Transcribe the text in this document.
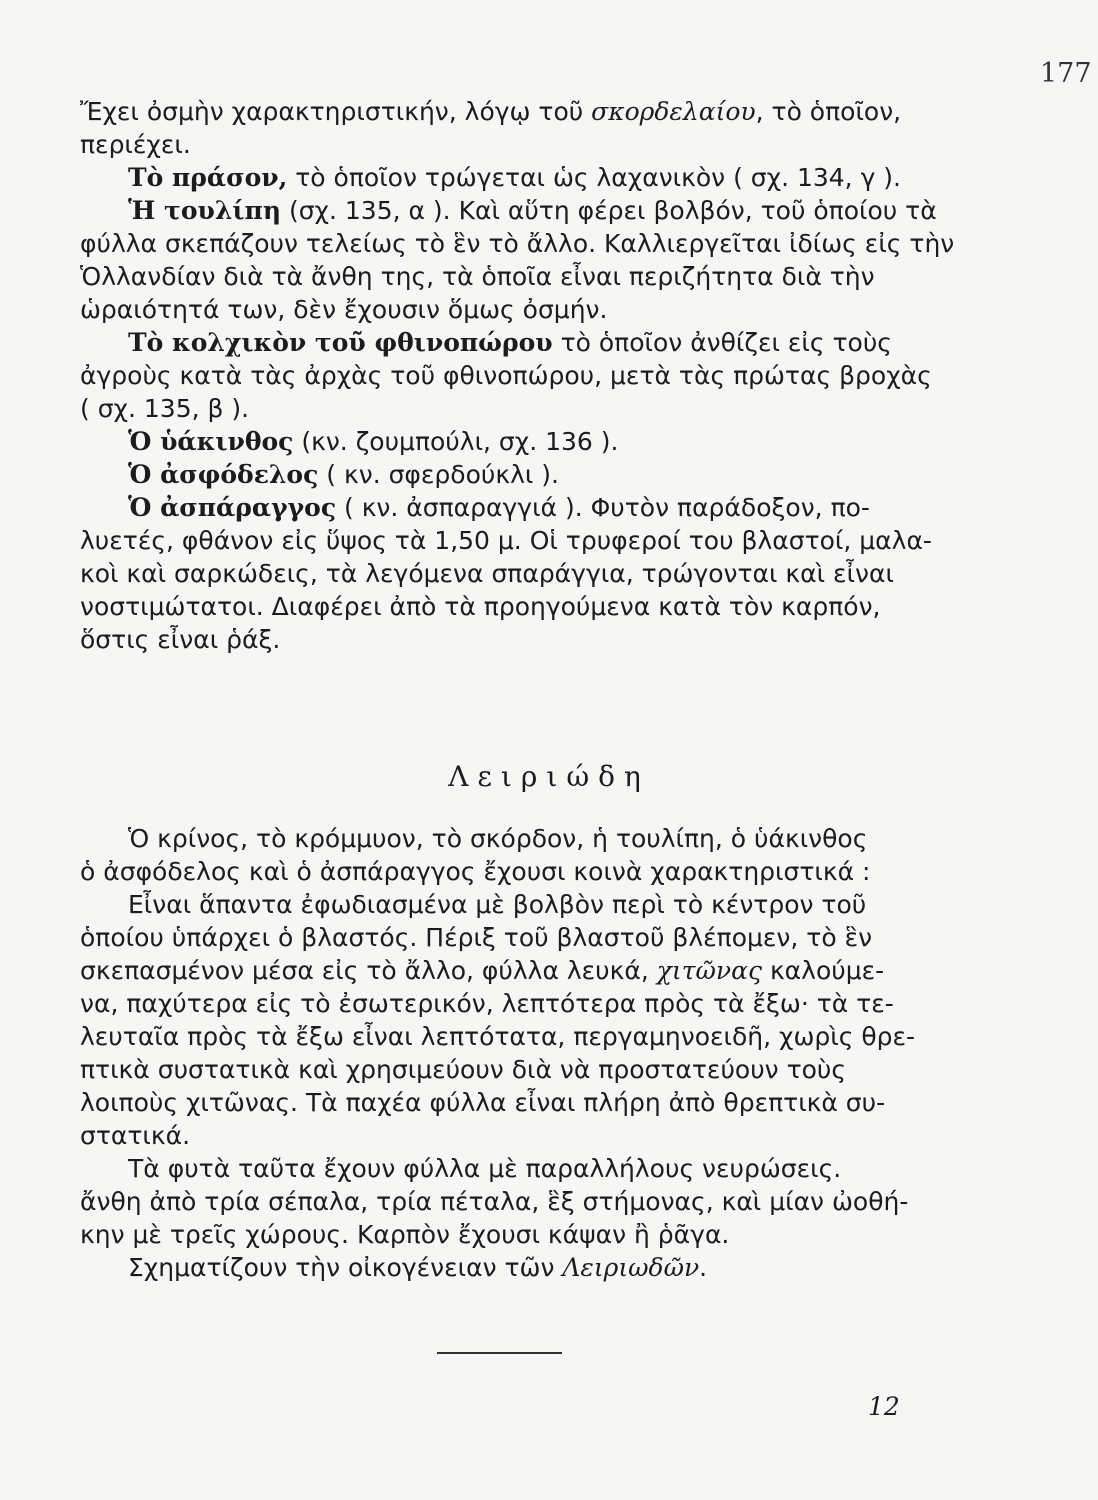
177
Ἔχει ὀσμὴν χαρακτηριστικήν, λόγῳ τοῦ σκορδελαίου , τὸ ὁποῖον,
περιέχει.
Τὸ πράσον, τὸ ὁποῖον τρώγεται ὡς λαχανικὸν ( σχ. 134, γ ).
Ἡ τουλίπη (σχ. 135, α ). Καὶ αὕτη φέρει βολβόν, τοῦ ὁποίου τὰ
φύλλα σκεπάζουν τελείως τὸ ἓν τὸ ἄλλο. Καλλιεργεῖται ἰδίως εἰς τὴν
Ὁλλανδίαν διὰ τὰ ἄνθη της, τὰ ὁποῖα εἶναι περιζήτητα διὰ τὴν
ὡραιότητά των, δὲν ἔχουσιν ὅμως ὀσμήν.
Τὸ κολχικὸν τοῦ φθινοπώρου τὸ ὁποῖον ἀνθίζει εἰς τοὺς
ἀγροὺς κατὰ τὰς ἀρχὰς τοῦ φθινοπώρου, μετὰ τὰς πρώτας βροχὰς
( σχ. 135, β ).
Ὁ ὑάκινθος (κν. ζουμπούλι, σχ. 136 ).
Ὁ ἀσφόδελος ( κν. σφερδούκλι ).
Ὁ ἀσπάραγγος ( κν. ἀσπαραγγιά ). Φυτὸν παράδοξον, πο-
λυετές, φθάνον εἰς ὕψος τὰ 1,50 μ. Οἱ τρυφεροί του βλαστοί, μαλα-
κοὶ καὶ σαρκώδεις, τὰ λεγόμενα σπαράγγια, τρώγονται καὶ εἶναι
νοστιμώτατοι. Διαφέρει ἀπὸ τὰ προηγούμενα κατὰ τὸν καρπόν,
ὅστις εἶναι ῥάξ.
Λειριώδη
Ὁ κρίνος, τὸ κρόμμυον, τὸ σκόρδον, ἡ τουλίπη, ὁ ὑάκινθος
ὁ ἀσφόδελος καὶ ὁ ἀσπάραγγος ἔχουσι κοινὰ χαρακτηριστικά :
Εἶναι ἅπαντα ἐφωδιασμένα μὲ βολβὸν περὶ τὸ κέντρον τοῦ
ὁποίου ὑπάρχει ὁ βλαστός. Πέριξ τοῦ βλαστοῦ βλέπομεν, τὸ ἓν
σκεπασμένον μέσα εἰς τὸ ἄλλο, φύλλα λευκά, χιτῶνας καλούμε-
να, παχύτερα εἰς τὸ ἐσωτερικόν, λεπτότερα πρὸς τὰ ἔξω· τὰ τε-
λευταῖα πρὸς τὰ ἔξω εἶναι λεπτότατα, περγαμηνοειδῆ, χωρὶς θρε-
πτικὰ συστατικὰ καὶ χρησιμεύουν διὰ νὰ προστατεύουν τοὺς
λοιποὺς χιτῶνας. Τὰ παχέα φύλλα εἶναι πλήρη ἀπὸ θρεπτικὰ συ-
στατικά.
Τὰ φυτὰ ταῦτα ἔχουν φύλλα μὲ παραλλήλους νευρώσεις.
ἄνθη ἀπὸ τρία σέπαλα, τρία πέταλα, ἓξ στήμονας, καὶ μίαν ὠοθή-
κην μὲ τρεῖς χώρους. Καρπὸν ἔχουσι κάψαν ἢ ῥᾶγα.
Σχηματίζουν τὴν οἰκογένειαν τῶν Λειριωδῶν .
12
